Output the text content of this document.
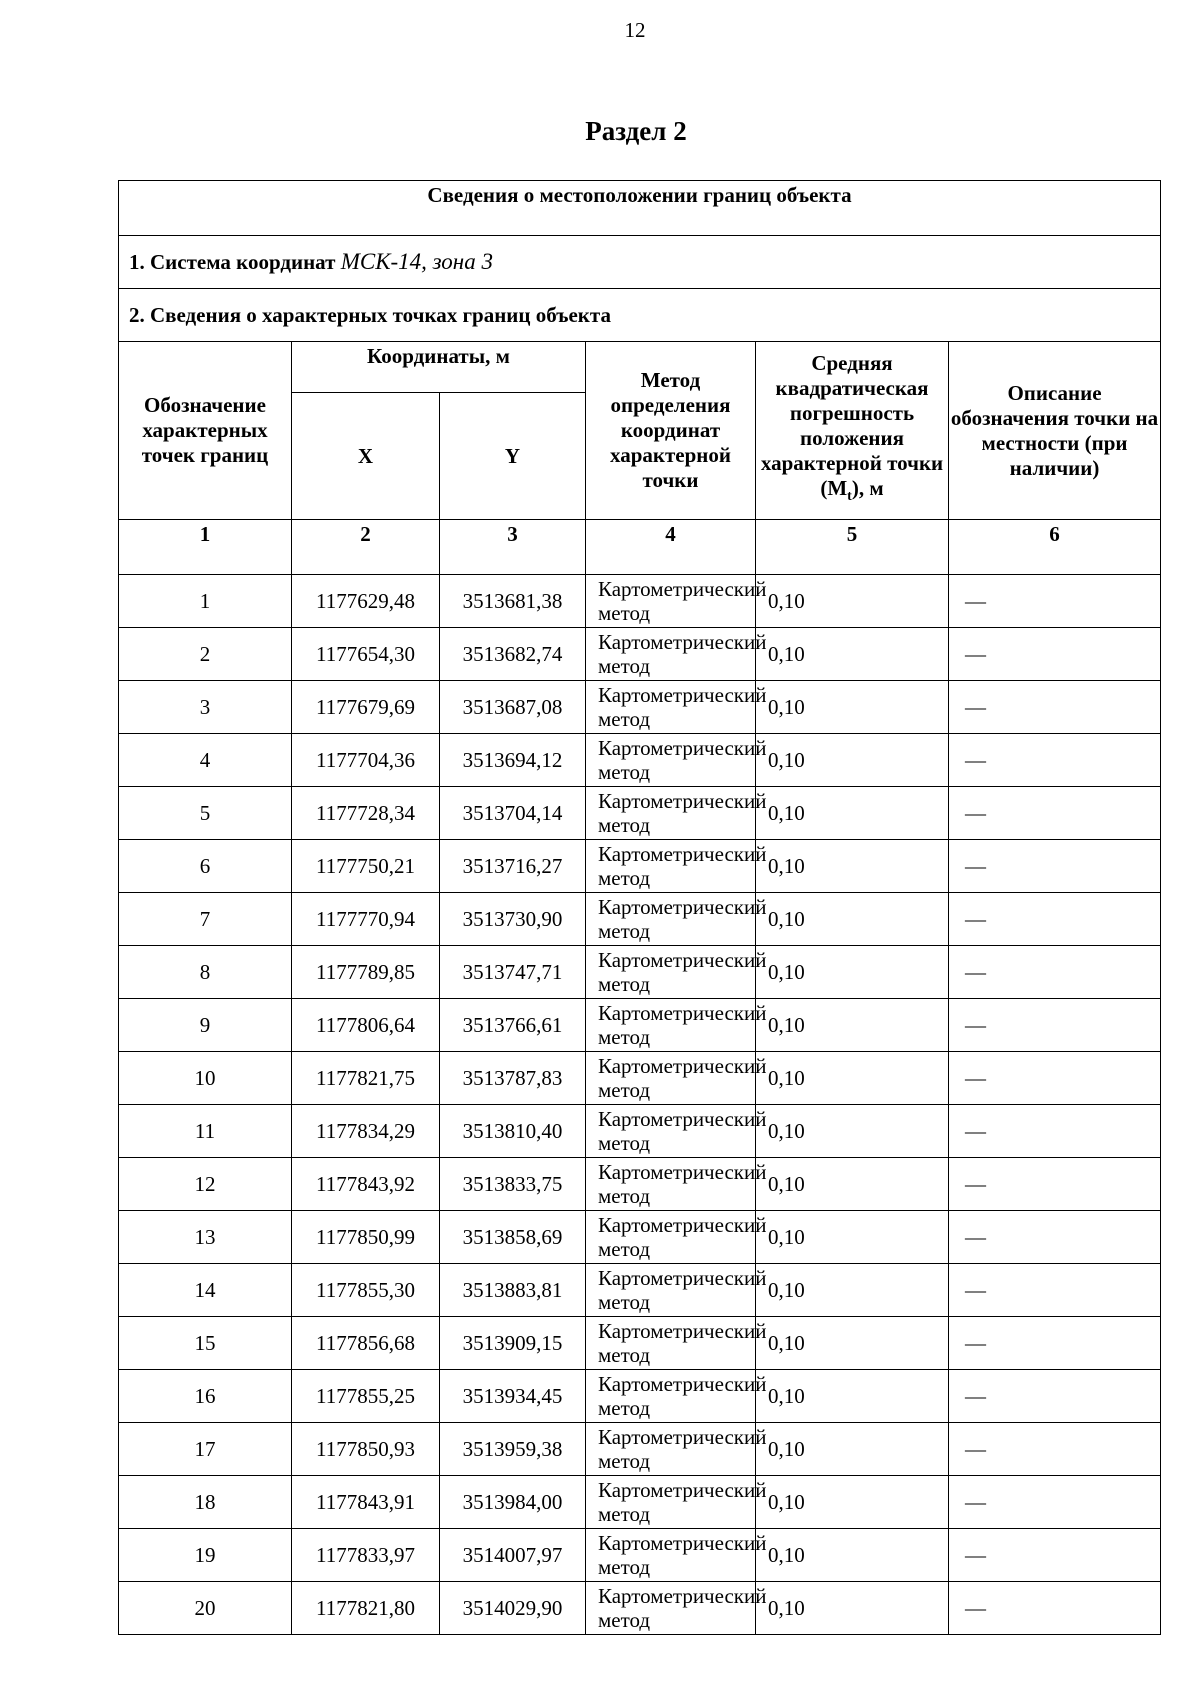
12
Раздел 2
Сведения о местоположении границ объекта					
1. Система координат МСК-14, зона 3					
2. Сведения о характерных точках границ объекта					
Обозначение характерных точек границ	Координаты, м		Метод определения координат характерной точки	Средняя квадратическая погрешность положения характерной точки $(M_t)$, м	Описание обозначения точки на местности (при наличии)
	X	Y			
1	2	3	4	5	6
1	1177629,48	3513681,38	Картометрический метод	0,10	—
2	1177654,30	3513682,74	Картометрический метод	0,10	—
3	1177679,69	3513687,08	Картометрический метод	0,10	—
4	1177704,36	3513694,12	Картометрический метод	0,10	—
5	1177728,34	3513704,14	Картометрический метод	0,10	—
6	1177750,21	3513716,27	Картометрический метод	0,10	—
7	1177770,94	3513730,90	Картометрический метод	0,10	—
8	1177789,85	3513747,71	Картометрический метод	0,10	—
9	1177806,64	3513766,61	Картометрический метод	0,10	—
10	1177821,75	3513787,83	Картометрический метод	0,10	—
11	1177834,29	3513810,40	Картометрический метод	0,10	—
12	1177843,92	3513833,75	Картометрический метод	0,10	—
13	1177850,99	3513858,69	Картометрический метод	0,10	—
14	1177855,30	3513883,81	Картометрический метод	0,10	—
15	1177856,68	3513909,15	Картометрический метод	0,10	—
16	1177855,25	3513934,45	Картометрический метод	0,10	—
17	1177850,93	3513959,38	Картометрический метод	0,10	—
18	1177843,91	3513984,00	Картометрический метод	0,10	—
19	1177833,97	3514007,97	Картометрический метод	0,10	—
20	1177821,80	3514029,90	Картометрический метод	0,10	—
